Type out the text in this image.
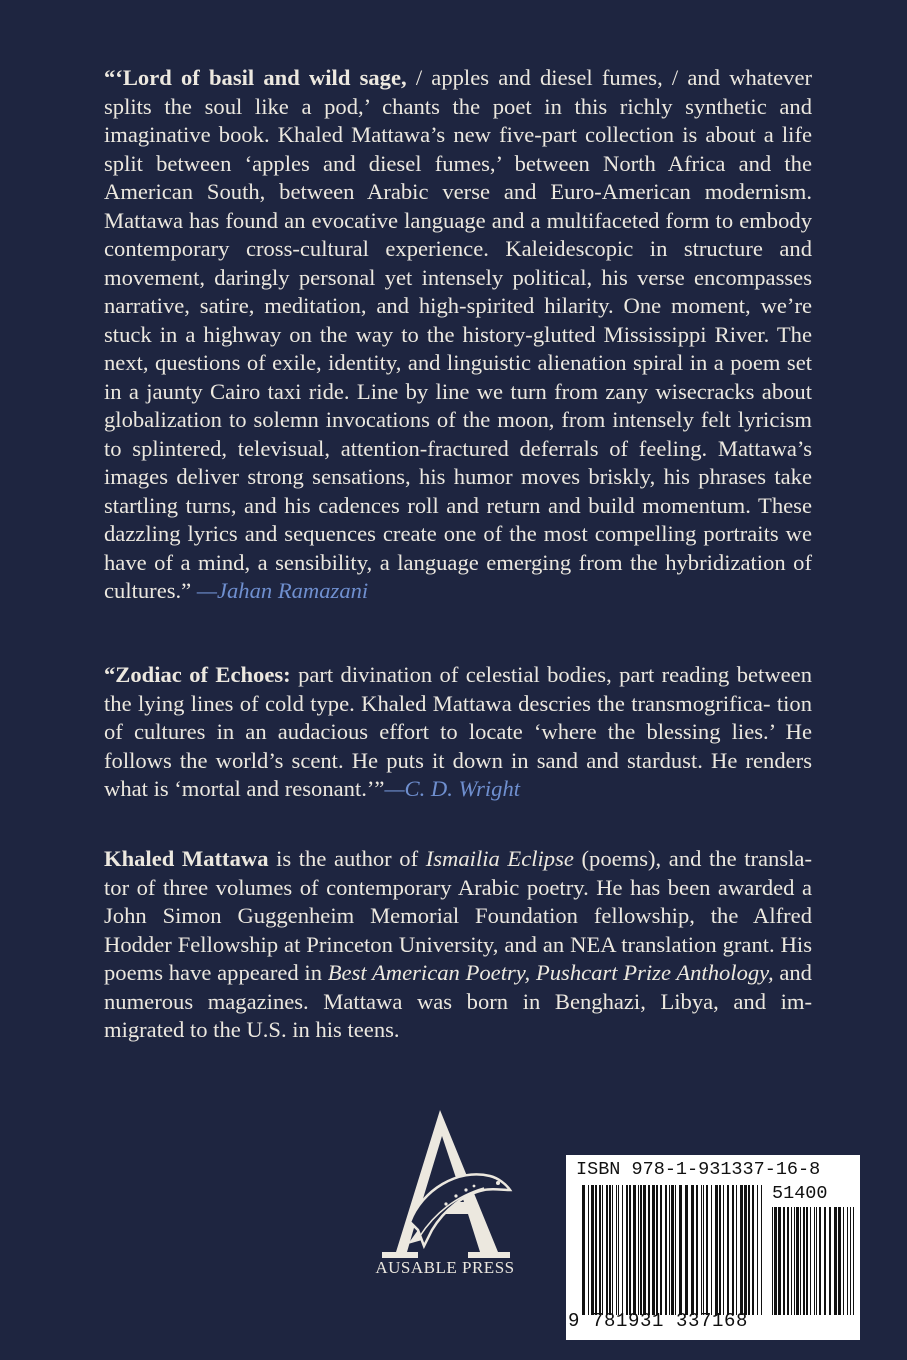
“‘Lord of basil and wild sage, / apples and diesel fumes, / and whatever splits the soul like a pod,’ chants the poet in this richly synthetic and imaginative book. Khaled Mattawa’s new five-part collection is about a life split between ‘apples and diesel fumes,’ between North Africa and the American South, between Arabic verse and Euro-American modernism. Mattawa has found an evocative language and a multifaceted form to embody contemporary cross-cultural experience. Kaleidescopic in structure and movement, daringly personal yet intensely political, his verse encompasses narrative, satire, meditation, and high-spirited hilarity. One moment, we’re stuck in a highway on the way to the history-glutted Mississippi River. The next, questions of exile, identity, and linguistic alienation spiral in a poem set in a jaunty Cairo taxi ride. Line by line we turn from zany wisecracks about globalization to solemn invocations of the moon, from intensely felt lyricism to splintered, televisual, attention-fractured deferrals of feeling. Mattawa’s images deliver strong sensations, his humor moves briskly, his phrases take startling turns, and his cadences roll and return and build momentum. These dazzling lyrics and sequences create one of the most compelling portraits we have of a mind, a sensibility, a language emerging from the hybridization of cultures.” —Jahan Ramazani

“Zodiac of Echoes: part divination of celestial bodies, part reading between the lying lines of cold type. Khaled Mattawa descries the transmogrifica- tion of cultures in an audacious effort to locate ‘where the blessing lies.’ He follows the world’s scent. He puts it down in sand and stardust. He renders what is ‘mortal and resonant.’”—C. D. Wright

Khaled Mattawa is the author of Ismailia Eclipse (poems), and the transla- tor of three volumes of contemporary Arabic poetry. He has been awarded a John Simon Guggenheim Memorial Foundation fellowship, the Alfred Hodder Fellowship at Princeton University, and an NEA translation grant. His poems have appeared in Best American Poetry, Pushcart Prize Anthology, and numerous magazines. Mattawa was born in Benghazi, Libya, and im- migrated to the U.S. in his teens.

AUSABLE PRESS
ISBN 978-1-931337-16-8
51400
9 781931 337168
